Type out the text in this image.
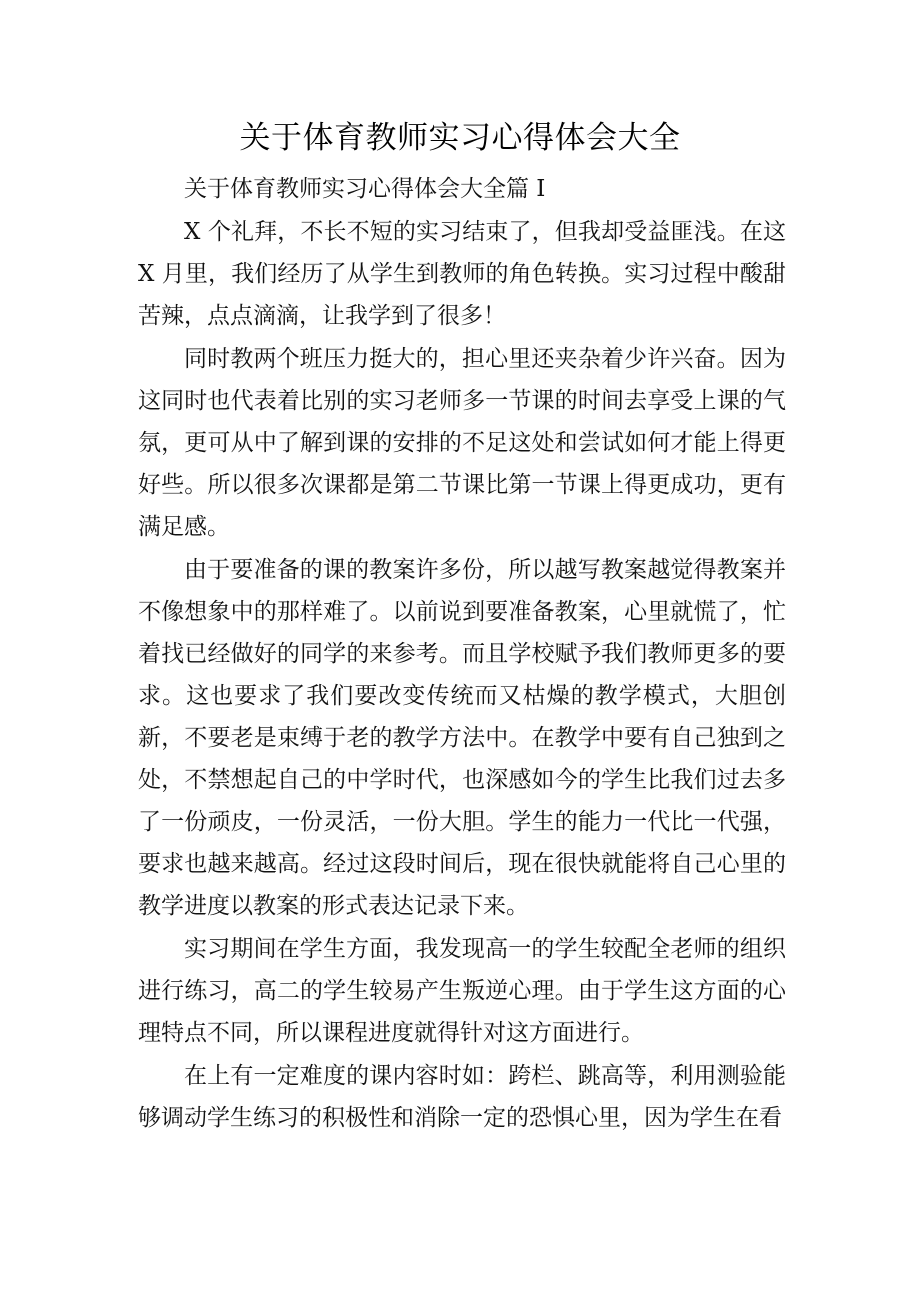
关于体育教师实习心得体会大全

关于体育教师实习心得体会大全篇 I

X 个礼拜，不长不短的实习结束了，但我却受益匪浅。在这 X 月里，我们经历了从学生到教师的角色转换。实习过程中酸甜苦辣，点点滴滴，让我学到了很多！

同时教两个班压力挺大的，担心里还夹杂着少许兴奋。因为这同时也代表着比别的实习老师多一节课的时间去享受上课的气氛，更可从中了解到课的安排的不足这处和尝试如何才能上得更好些。所以很多次课都是第二节课比第一节课上得更成功，更有满足感。

由于要准备的课的教案许多份，所以越写教案越觉得教案并不像想象中的那样难了。以前说到要准备教案，心里就慌了，忙着找已经做好的同学的来参考。而且学校赋予我们教师更多的要求。这也要求了我们要改变传统而又枯燥的教学模式，大胆创新，不要老是束缚于老的教学方法中。在教学中要有自己独到之处，不禁想起自己的中学时代，也深感如今的学生比我们过去多了一份顽皮，一份灵活，一份大胆。学生的能力一代比一代强，要求也越来越高。经过这段时间后，现在很快就能将自己心里的教学进度以教案的形式表达记录下来。

实习期间在学生方面，我发现高一的学生较配全老师的组织进行练习，高二的学生较易产生叛逆心理。由于学生这方面的心理特点不同，所以课程进度就得针对这方面进行。

在上有一定难度的课内容时如：跨栏、跳高等，利用测验能够调动学生练习的积极性和消除一定的恐惧心里，因为学生在看
